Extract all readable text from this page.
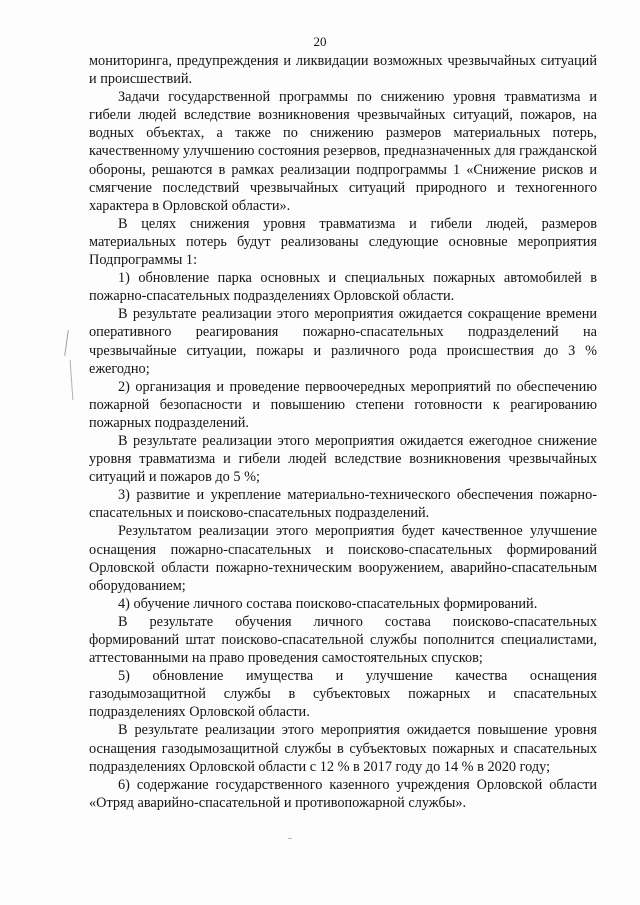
20

мониторинга, предупреждения и ликвидации возможных чрезвычайных ситуаций и происшествий.

Задачи государственной программы по снижению уровня травматизма и гибели людей вследствие возникновения чрезвычайных ситуаций, пожаров, на водных объектах, а также по снижению размеров материальных потерь, качественному улучшению состояния резервов, предназначенных для гражданской обороны, решаются в рамках реализации подпрограммы 1 «Снижение рисков и смягчение последствий чрезвычайных ситуаций природного и техногенного характера в Орловской области».

В целях снижения уровня травматизма и гибели людей, размеров материальных потерь будут реализованы следующие основные мероприятия Подпрограммы 1:

1) обновление парка основных и специальных пожарных автомобилей в пожарно-спасательных подразделениях Орловской области.

В результате реализации этого мероприятия ожидается сокращение времени оперативного реагирования пожарно-спасательных подразделений на чрезвычайные ситуации, пожары и различного рода происшествия до 3 % ежегодно;

2) организация и проведение первоочередных мероприятий по обеспечению пожарной безопасности и повышению степени готовности к реагированию пожарных подразделений.

В результате реализации этого мероприятия ожидается ежегодное снижение уровня травматизма и гибели людей вследствие возникновения чрезвычайных ситуаций и пожаров до 5 %;

3) развитие и укрепление материально-технического обеспечения пожарно-спасательных и поисково-спасательных подразделений.

Результатом реализации этого мероприятия будет качественное улучшение оснащения пожарно-спасательных и поисково-спасательных формирований Орловской области пожарно-техническим вооружением, аварийно-спасательным оборудованием;

4) обучение личного состава поисково-спасательных формирований.

В результате обучения личного состава поисково-спасательных формирований штат поисково-спасательной службы пополнится специалистами, аттестованными на право проведения самостоятельных спусков;

5) обновление имущества и улучшение качества оснащения газодымозащитной службы в субъектовых пожарных и спасательных подразделениях Орловской области.

В результате реализации этого мероприятия ожидается повышение уровня оснащения газодымозащитной службы в субъектовых пожарных и спасательных подразделениях Орловской области с 12 % в 2017 году до 14 % в 2020 году;

6) содержание государственного казенного учреждения Орловской области «Отряд аварийно-спасательной и противопожарной службы».
